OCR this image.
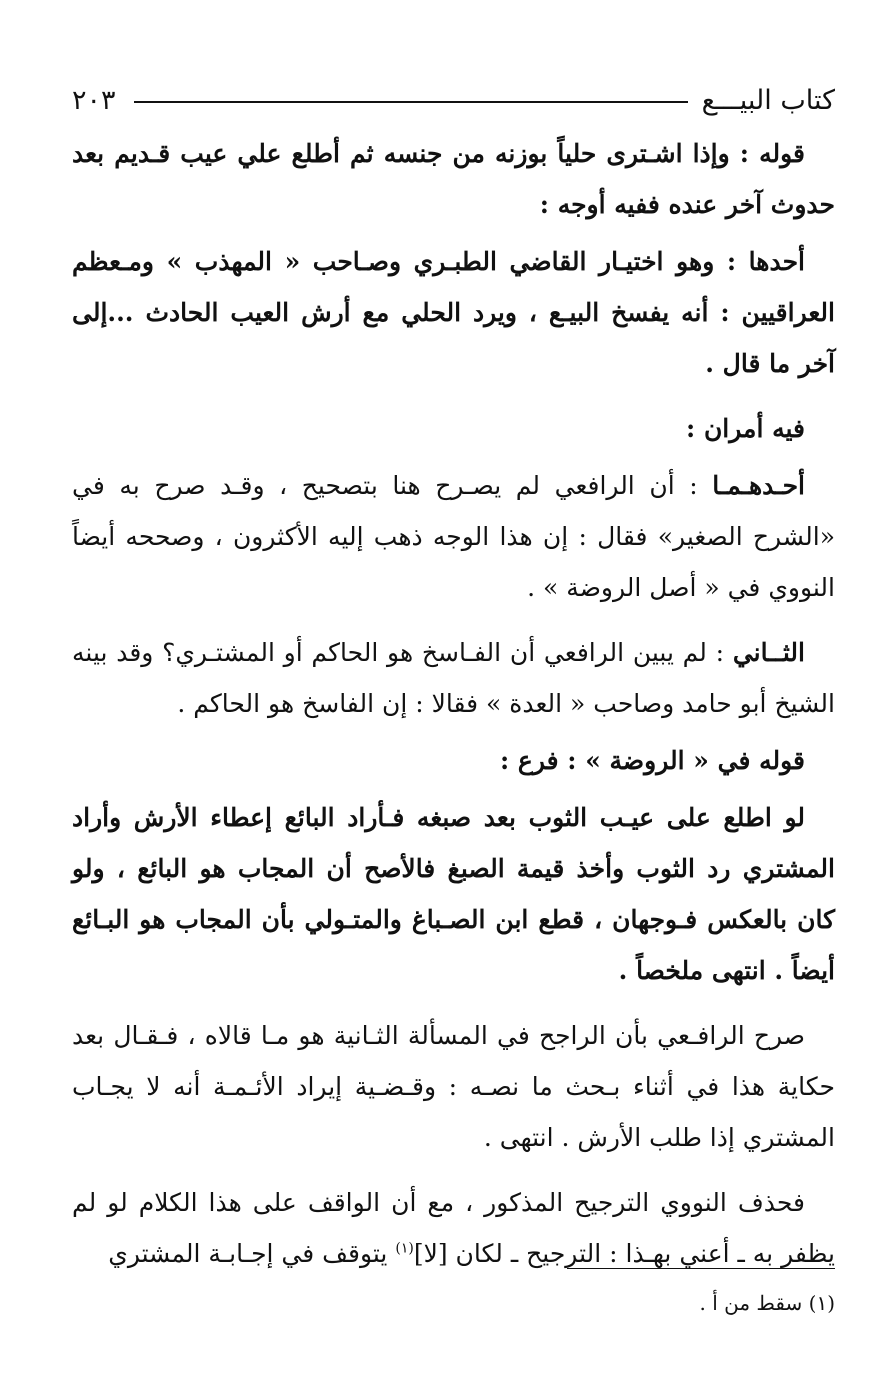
كتاب البيـــع
٢٠٣

قوله : وإذا اشـترى حلياً بوزنه من جنسه ثم أطلع علي عيب قـديم بعد حدوث آخر عنده ففيه أوجه :

أحدها : وهو اختيـار القاضي الطبـري وصـاحب « المهذب » ومـعظم العراقيين : أنه يفسخ البيـع ، ويرد الحلي مع أرش العيب الحادث ...إلى آخر ما قال .

فيه أمران :

أحـدهـمـا : أن الرافعي لم يصـرح هنا بتصحيح ، وقـد صرح به في «الشرح الصغير» فقال : إن هذا الوجه ذهب إليه الأكثرون ، وصححه أيضاً النووي في « أصل الروضة » .

الثــاني : لم يبين الرافعي أن الفـاسخ هو الحاكم أو المشتـري؟ وقد بينه الشيخ أبو حامد وصاحب « العدة » فقالا : إن الفاسخ هو الحاكم .

قوله في « الروضة » : فرع :

لو اطلع على عيـب الثوب بعد صبغه فـأراد البائع إعطاء الأرش وأراد المشتري رد الثوب وأخذ قيمة الصبغ فالأصح أن المجاب هو البائع ، ولو كان بالعكس فـوجهان ، قطع ابن الصـباغ والمتـولي بأن المجاب هو البـائع أيضاً . انتهى ملخصاً .

صرح الرافـعي بأن الراجح في المسألة الثـانية هو مـا قالاه ، فـقـال بعد حكاية هذا في أثناء بـحث ما نصـه : وقـضـية إيراد الأئـمـة أنه لا يجـاب المشتري إذا طلب الأرش . انتهى .

فحذف النووي الترجيح المذكور ، مع أن الواقف على هذا الكلام لو لم يظفر به ـ أعني بهـذا : الترجيح ـ لكان [لا]$^{(١)}$ يتوقف في إجـابـة المشتري

(١) سقط من أ .
